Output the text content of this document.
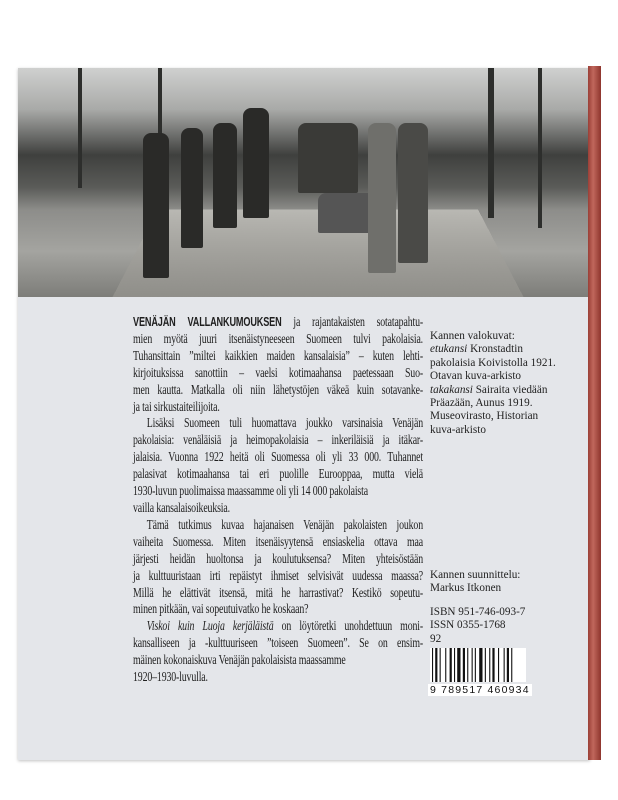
VENÄJÄN VALLANKUMOUKSEN ja rajantakaisten sotatapahtu-
mien myötä juuri itsenäistyneeseen Suomeen tulvi pakolaisia.
Tuhansittain ”miltei kaikkien maiden kansalaisia” – kuten lehti-
kirjoituksissa sanottiin – vaelsi kotimaahansa paetessaan Suo-
men kautta. Matkalla oli niin lähetystöjen väkeä kuin sotavanke-
ja tai sirkustaiteilijoita.

Lisäksi Suomeen tuli huomattava joukko varsinaisia Venäjän
pakolaisia: venäläisiä ja heimopakolaisia – inkeriläisiä ja itäkar-
jalaisia. Vuonna 1922 heitä oli Suomessa oli yli 33 000. Tuhannet
palasivat kotimaahansa tai eri puolille Eurooppaa, mutta vielä
1930-luvun puolimaissa maassamme oli yli 14 000 pakolaista
vailla kansalaisoikeuksia.

Tämä tutkimus kuvaa hajanaisen Venäjän pakolaisten joukon
vaiheita Suomessa. Miten itsenäisyytensä ensiaskelia ottava maa
järjesti heidän huoltonsa ja koulutuksensa? Miten yhteisöstään
ja kulttuuristaan irti repäistyt ihmiset selvisivät uudessa maassa?
Millä he elättivät itsensä, mitä he harrastivat? Kestikö sopeutu-
minen pitkään, vai sopeutuivatko he koskaan?

Viskoi kuin Luoja kerjäläistä on löytöretki unohdettuun moni-
kansalliseen ja -kulttuuriseen ”toiseen Suomeen”. Se on ensim-
mäinen kokonaiskuva Venäjän pakolaisista maassamme
1920–1930-luvulla.

Kannen valokuvat:
etukansi Kronstadtin
pakolaisia Koivistolla 1921.
Otavan kuva-arkisto
takakansi Sairaita viedään
Präazään, Aunus 1919.
Museovirasto, Historian
kuva-arkisto
Kannen suunnittelu:
Markus Itkonen
ISBN 951-746-093-7
ISSN 0355-1768
92
9 789517 460934
